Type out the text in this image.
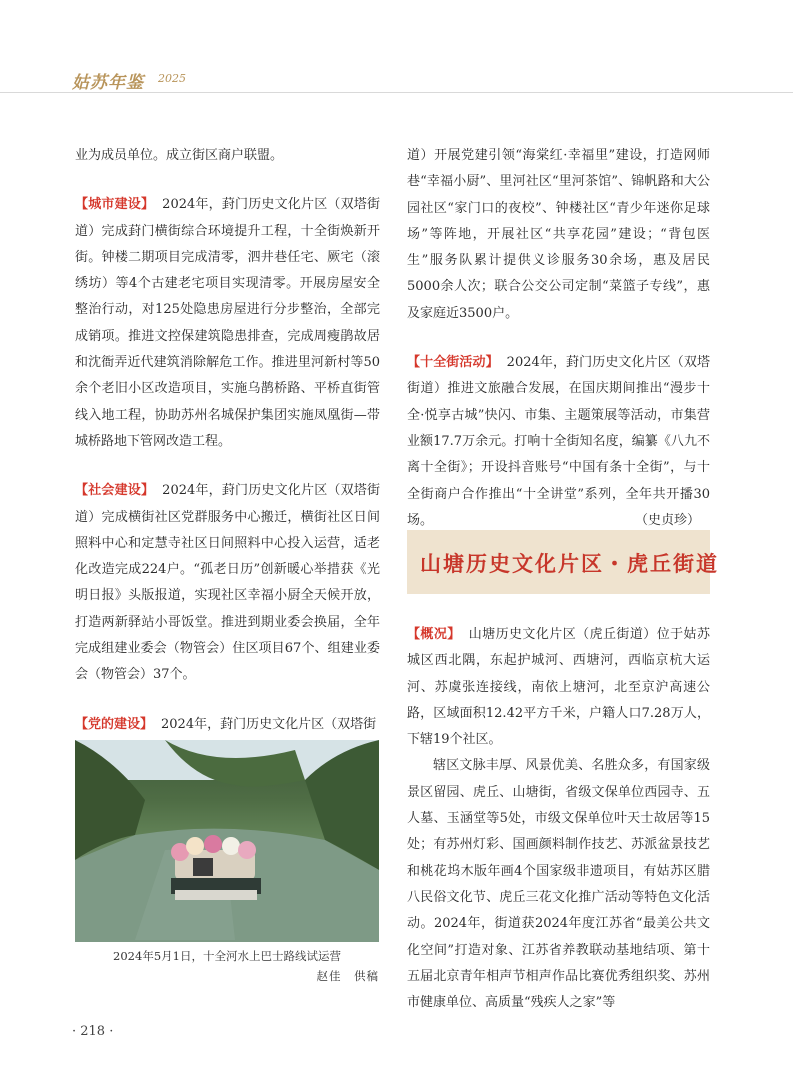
姑苏年鉴 2025

业为成员单位。成立街区商户联盟。

【城市建设】 2024年，葑门历史文化片区（双塔街道）完成葑门横街综合环境提升工程，十全街焕新开街。钟楼二期项目完成清零，泗井巷任宅、厥宅（滚绣坊）等4个古建老宅项目实现清零。开展房屋安全整治行动，对125处隐患房屋进行分步整治，全部完成销项。推进文控保建筑隐患排查，完成周瘦鹃故居和沈衙弄近代建筑消除解危工作。推进里河新村等50余个老旧小区改造项目，实施乌鹊桥路、平桥直街管线入地工程，协助苏州名城保护集团实施凤凰街—带城桥路地下管网改造工程。

【社会建设】 2024年，葑门历史文化片区（双塔街道）完成横街社区党群服务中心搬迁，横街社区日间照料中心和定慧寺社区日间照料中心投入运营，适老化改造完成224户。“孤老日历”创新暖心举措获《光明日报》头版报道，实现社区幸福小厨全天候开放，打造两新驿站小哥饭堂。推进到期业委会换届，全年完成组建业委会（物管会）住区项目67个、组建业委会（物管会）37个。

【党的建设】 2024年，葑门历史文化片区（双塔街

2024年5月1日，十全河水上巴士路线试运营
赵佳　供稿

道）开展党建引领“海棠红·幸福里”建设，打造网师巷“幸福小厨”、里河社区“里河茶馆”、锦帆路和大公园社区“家门口的夜校”、钟楼社区“青少年迷你足球场”等阵地，开展社区“共享花园”建设；“背包医生”服务队累计提供义诊服务30余场，惠及居民5000余人次；联合公交公司定制“菜篮子专线”，惠及家庭近3500户。

【十全街活动】 2024年，葑门历史文化片区（双塔街道）推进文旅融合发展，在国庆期间推出“漫步十全·悦享古城”快闪、市集、主题策展等活动，市集营业额17.7万余元。打响十全街知名度，编纂《八九不离十全街》；开设抖音账号“中国有条十全街”，与十全街商户合作推出“十全讲堂”系列，全年共开播30场。	（史贞珍）
山塘历史文化片区・虎丘街道

【概况】 山塘历史文化片区（虎丘街道）位于姑苏城区西北隅，东起护城河、西塘河，西临京杭大运河、苏虞张连接线，南依上塘河，北至京沪高速公路，区域面积12.42平方千米，户籍人口7.28万人，下辖19个社区。

辖区文脉丰厚、风景优美、名胜众多，有国家级景区留园、虎丘、山塘街，省级文保单位西园寺、五人墓、玉涵堂等5处，市级文保单位叶天士故居等15处；有苏州灯彩、国画颜料制作技艺、苏派盆景技艺和桃花坞木版年画4个国家级非遗项目，有姑苏区腊八民俗文化节、虎丘三花文化推广活动等特色文化活动。2024年，街道获2024年度江苏省“最美公共文化空间”打造对象、江苏省养教联动基地结项、第十五届北京青年相声节相声作品比赛优秀组织奖、苏州市健康单位、高质量“残疾人之家”等

· 218 ·
